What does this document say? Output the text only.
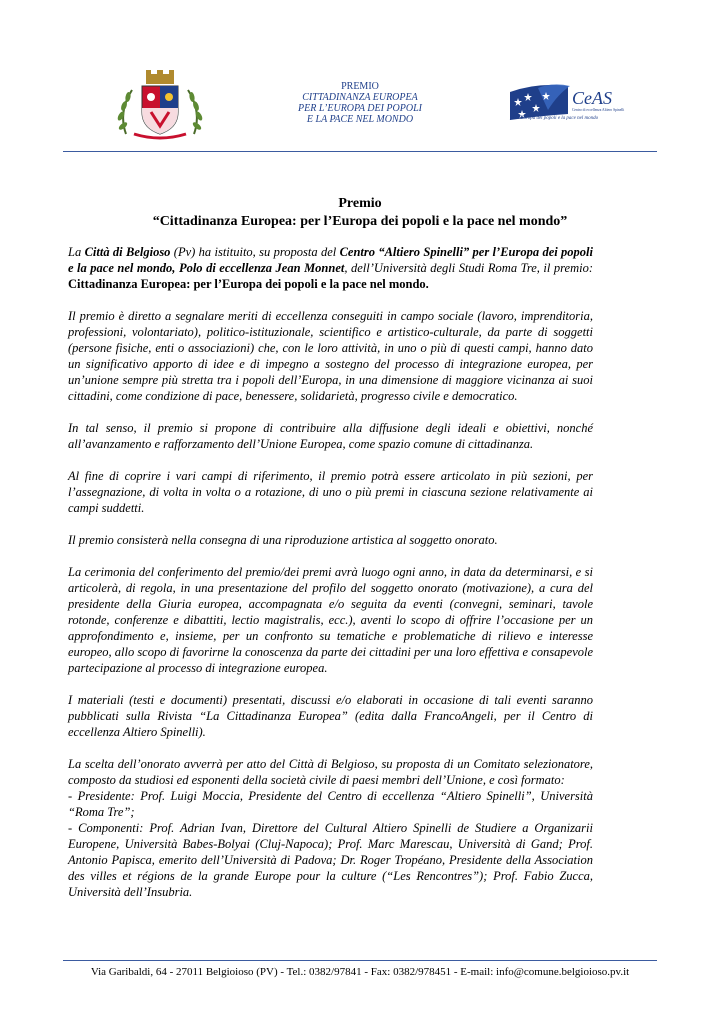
PREMIO
CITTADINANZA EUROPEA
PER L’EUROPA DEI POPOLI
E LA PACE NEL MONDO
CeAS
Centro di eccellenza Altiero Spinelli
per l'Europa dei popoli e la pace nel mondo
Premio
“Cittadinanza Europea: per l’Europa dei popoli e la pace nel mondo”

La Città di Belgioso (Pv) ha istituito, su proposta del Centro “Altiero Spinelli” per l’Europa dei popoli e la pace nel mondo, Polo di eccellenza Jean Monnet, dell’Università degli Studi Roma Tre, il premio: Cittadinanza Europea: per l’Europa dei popoli e la pace nel mondo.

Il premio è diretto a segnalare meriti di eccellenza conseguiti in campo sociale (lavoro, imprenditoria, professioni, volontariato), politico-istituzionale, scientifico e artistico-culturale, da parte di soggetti (persone fisiche, enti o associazioni) che, con le loro attività, in uno o più di questi campi, hanno dato un significativo apporto di idee e di impegno a sostegno del processo di integrazione europea, per un’unione sempre più stretta tra i popoli dell’Europa, in una dimensione di maggiore vicinanza ai suoi cittadini, come condizione di pace, benessere, solidarietà, progresso civile e democratico.

In tal senso, il premio si propone di contribuire alla diffusione degli ideali e obiettivi, nonché all’avanzamento e rafforzamento dell’Unione Europea, come spazio comune di cittadinanza.

Al fine di coprire i vari campi di riferimento, il premio potrà essere articolato in più sezioni, per l’assegnazione, di volta in volta o a rotazione, di uno o più premi in ciascuna sezione relativamente ai campi suddetti.

Il premio consisterà nella consegna di una riproduzione artistica al soggetto onorato.

La cerimonia del conferimento del premio/dei premi avrà luogo ogni anno, in data da determinarsi, e si articolerà, di regola, in una presentazione del profilo del soggetto onorato (motivazione), a cura del presidente della Giuria europea, accompagnata e/o seguita da eventi (convegni, seminari, tavole rotonde, conferenze e dibattiti, lectio magistralis, ecc.), aventi lo scopo di offrire l’occasione per un approfondimento e, insieme, per un confronto su tematiche e problematiche di rilievo e interesse europeo, allo scopo di favorirne la conoscenza da parte dei cittadini per una loro effettiva e consapevole partecipazione al processo di integrazione europea.

I materiali (testi e documenti) presentati, discussi e/o elaborati in occasione di tali eventi saranno pubblicati sulla Rivista “La Cittadinanza Europea” (edita dalla FrancoAngeli, per il Centro di eccellenza Altiero Spinelli).

La scelta dell’onorato avverrà per atto del Città di Belgioso, su proposta di un Comitato selezionatore, composto da studiosi ed esponenti della società civile di paesi membri dell’Unione, e così formato:
- Presidente: Prof. Luigi Moccia, Presidente del Centro di eccellenza “Altiero Spinelli”, Università “Roma Tre”;
- Componenti: Prof. Adrian Ivan, Direttore del Cultural Altiero Spinelli de Studiere a Organizarii Europene, Università Babes-Bolyai (Cluj-Napoca); Prof. Marc Marescau, Università di Gand; Prof. Antonio Papisca, emerito dell’Università di Padova; Dr. Roger Tropéano, Presidente della Association des villes et régions de la grande Europe pour la culture (“Les Rencontres”); Prof. Fabio Zucca, Università dell’Insubria.

Via Garibaldi, 64 - 27011 Belgioioso (PV) - Tel.: 0382/97841 - Fax: 0382/978451 - E-mail: info@comune.belgioioso.pv.it
